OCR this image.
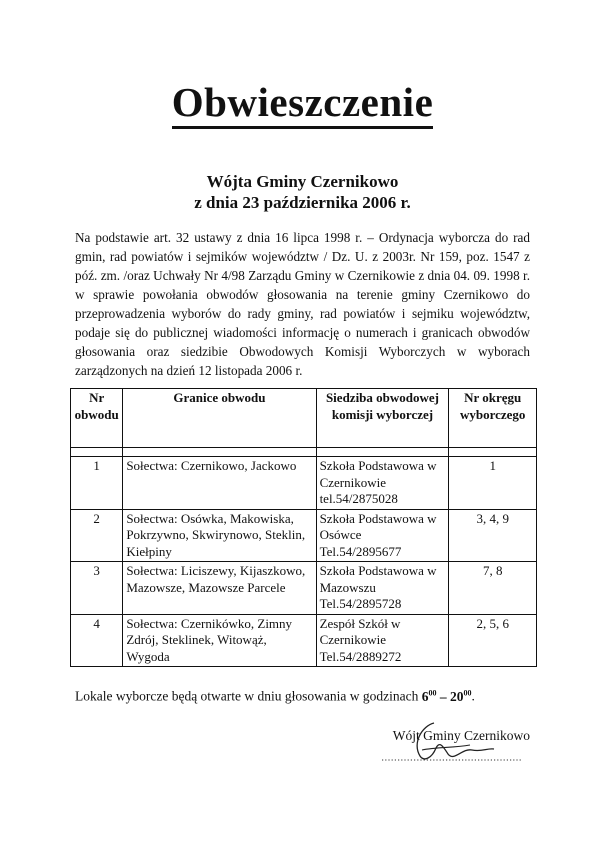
Obwieszczenie
Wójta Gminy Czernikowo
z dnia 23 października 2006 r.
Na podstawie art. 32 ustawy z dnia 16 lipca 1998 r. – Ordynacja wyborcza do rad gmin, rad powiatów i sejmików województw / Dz. U. z 2003r. Nr 159, poz. 1547 z póź. zm. /oraz Uchwały Nr 4/98 Zarządu Gminy w Czernikowie z dnia 04. 09. 1998 r. w sprawie powołania obwodów głosowania na terenie gminy Czernikowo do przeprowadzenia wyborów do rady gminy, rad powiatów i sejmiku województw, podaje się do publicznej wiadomości informację o numerach i granicach obwodów głosowania oraz siedzibie Obwodowych Komisji Wyborczych w wyborach zarządzonych na dzień 12 listopada 2006 r.
Nr obwodu	Granice obwodu	Siedziba obwodowej komisji wyborczej	Nr okręgu wyborczego

1	Sołectwa: Czernikowo, Jackowo	Szkoła Podstawowa w Czernikowie tel.54/2875028	1
2	Sołectwa: Osówka, Makowiska, Pokrzywno, Skwirynowo, Steklin, Kiełpiny	Szkoła Podstawowa w Osówce Tel.54/2895677	3, 4, 9
3	Sołectwa: Liciszewy, Kijaszkowo, Mazowsze, Mazowsze Parcele	Szkoła Podstawowa w Mazowszu Tel.54/2895728	7, 8
4	Sołectwa: Czernikówko, Zimny Zdrój, Steklinek, Witowąż, Wygoda	Zespół Szkół w Czernikowie Tel.54/2889272	2, 5, 6
Lokale wyborcze będą otwarte w dniu głosowania w godzinach $6^{00} - 20^{00}$.
Wójt Gminy Czernikowo
